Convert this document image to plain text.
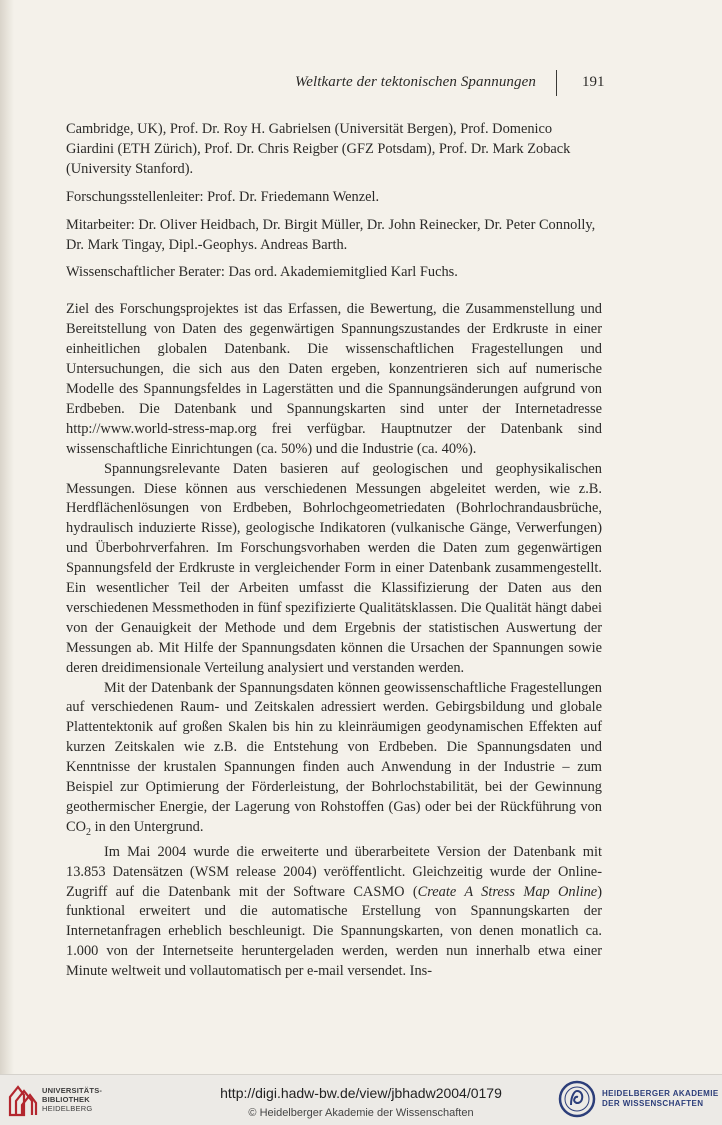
Weltkarte der tektonischen Spannungen	191

Cambridge, UK), Prof. Dr. Roy H. Gabrielsen (Universität Bergen), Prof. Domenico Giardini (ETH Zürich), Prof. Dr. Chris Reigber (GFZ Potsdam), Prof. Dr. Mark Zoback (University Stanford).

Forschungsstellenleiter: Prof. Dr. Friedemann Wenzel.

Mitarbeiter: Dr. Oliver Heidbach, Dr. Birgit Müller, Dr. John Reinecker, Dr. Peter Connolly, Dr. Mark Tingay, Dipl.-Geophys. Andreas Barth.

Wissenschaftlicher Berater: Das ord. Akademiemitglied Karl Fuchs.

Ziel des Forschungsprojektes ist das Erfassen, die Bewertung, die Zusammenstellung und Bereitstellung von Daten des gegenwärtigen Spannungszustandes der Erdkruste in einer einheitlichen globalen Datenbank. Die wissenschaftlichen Fragestellungen und Untersuchungen, die sich aus den Daten ergeben, konzentrieren sich auf numerische Modelle des Spannungsfeldes in Lagerstätten und die Spannungsänderungen aufgrund von Erdbeben. Die Datenbank und Spannungskarten sind unter der Internetadresse http://www.world-stress-map.org frei verfügbar. Hauptnutzer der Datenbank sind wissenschaftliche Einrichtungen (ca. 50%) und die Industrie (ca. 40%).

Spannungsrelevante Daten basieren auf geologischen und geophysikalischen Messungen. Diese können aus verschiedenen Messungen abgeleitet werden, wie z.B. Herdflächenlösungen von Erdbeben, Bohrlochgeometriedaten (Bohrlochrandausbrüche, hydraulisch induzierte Risse), geologische Indikatoren (vulkanische Gänge, Verwerfungen) und Überbohrverfahren. Im Forschungsvorhaben werden die Daten zum gegenwärtigen Spannungsfeld der Erdkruste in vergleichender Form in einer Datenbank zusammengestellt. Ein wesentlicher Teil der Arbeiten umfasst die Klassifizierung der Daten aus den verschiedenen Messmethoden in fünf spezifizierte Qualitätsklassen. Die Qualität hängt dabei von der Genauigkeit der Methode und dem Ergebnis der statistischen Auswertung der Messungen ab. Mit Hilfe der Spannungsdaten können die Ursachen der Spannungen sowie deren dreidimensionale Verteilung analysiert und verstanden werden.

Mit der Datenbank der Spannungsdaten können geowissenschaftliche Fragestellungen auf verschiedenen Raum- und Zeitskalen adressiert werden. Gebirgsbildung und globale Plattentektonik auf großen Skalen bis hin zu kleinräumigen geodynamischen Effekten auf kurzen Zeitskalen wie z.B. die Entstehung von Erdbeben. Die Spannungsdaten und Kenntnisse der krustalen Spannungen finden auch Anwendung in der Industrie – zum Beispiel zur Optimierung der Förderleistung, der Bohrlochstabilität, bei der Gewinnung geothermischer Energie, der Lagerung von Rohstoffen (Gas) oder bei der Rückführung von $CO_2$ in den Untergrund.

Im Mai 2004 wurde die erweiterte und überarbeitete Version der Datenbank mit 13.853 Datensätzen (WSM release 2004) veröffentlicht. Gleichzeitig wurde der Online-Zugriff auf die Datenbank mit der Software CASMO (Create A Stress Map Online) funktional erweitert und die automatische Erstellung von Spannungskarten der Internetanfragen erheblich beschleunigt. Die Spannungskarten, von denen monatlich ca. 1.000 von der Internetseite heruntergeladen werden, werden nun innerhalb etwa einer Minute weltweit und vollautomatisch per e-mail versendet. Ins-

UNIVERSITÄTS-
BIBLIOTHEK
HEIDELBERG
http://digi.hadw-bw.de/view/jbhadw2004/0179
© Heidelberger Akademie der Wissenschaften
HEIDELBERGER AKADEMIE
DER WISSENSCHAFTEN
